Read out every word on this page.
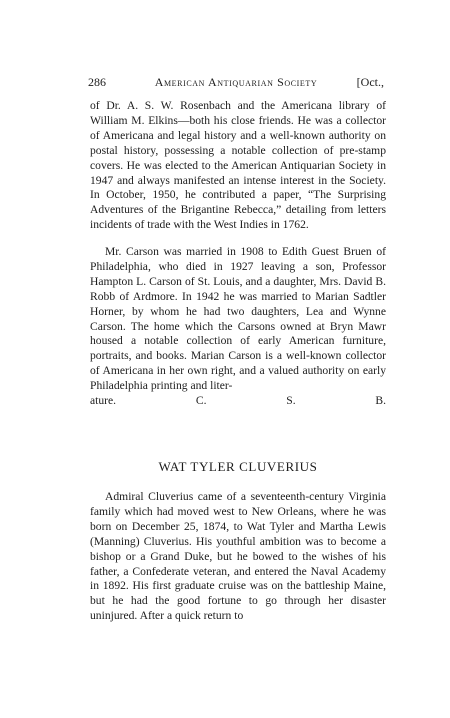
286	American Antiquarian Society	[Oct.,

of Dr. A. S. W. Rosenbach and the Americana library of William M. Elkins—both his close friends. He was a collector of Americana and legal history and a well-known authority on postal history, possessing a notable collection of pre-stamp covers. He was elected to the American Antiquarian Society in 1947 and always manifested an intense interest in the Society. In October, 1950, he contributed a paper, “The Surprising Adventures of the Brigantine Rebecca,” detailing from letters incidents of trade with the West Indies in 1762.

Mr. Carson was married in 1908 to Edith Guest Bruen of Philadelphia, who died in 1927 leaving a son, Professor Hampton L. Carson of St. Louis, and a daughter, Mrs. David B. Robb of Ardmore. In 1942 he was married to Marian Sadtler Horner, by whom he had two daughters, Lea and Wynne Carson. The home which the Carsons owned at Bryn Mawr housed a notable collection of early American furniture, portraits, and books. Marian Carson is a well-known collector of Americana in her own right, and a valued authority on early Philadelphia printing and liter-

ature.	C. S. B.
WAT TYLER CLUVERIUS

Admiral Cluverius came of a seventeenth-century Virginia family which had moved west to New Orleans, where he was born on December 25, 1874, to Wat Tyler and Martha Lewis (Manning) Cluverius. His youthful ambition was to become a bishop or a Grand Duke, but he bowed to the wishes of his father, a Confederate veteran, and entered the Naval Academy in 1892. His first graduate cruise was on the battleship Maine, but he had the good fortune to go through her disaster uninjured. After a quick return to
